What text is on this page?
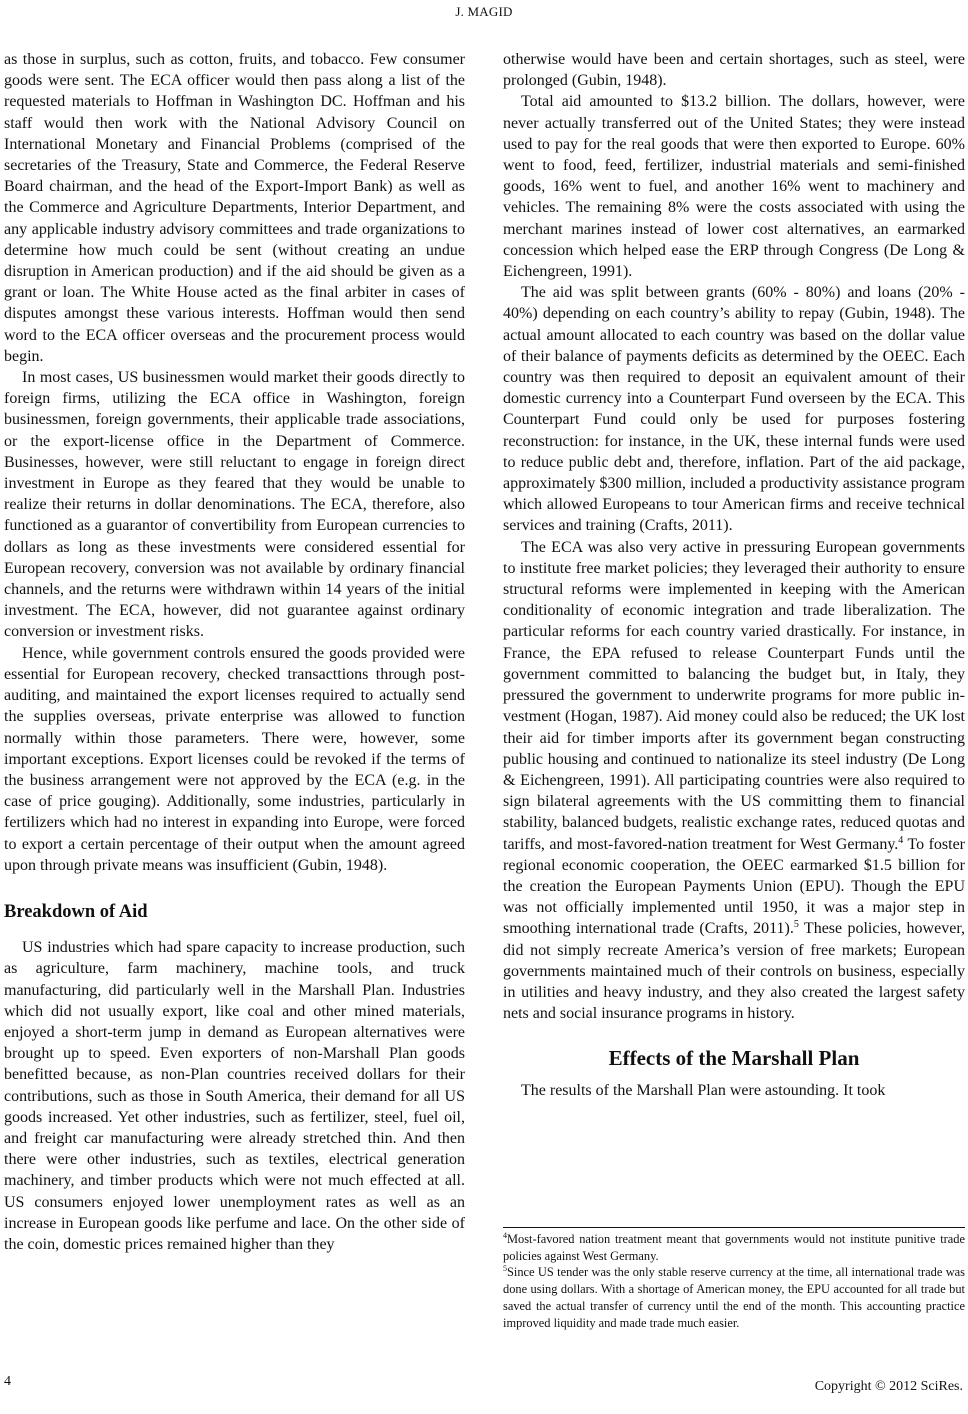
J. MAGID

as those in surplus, such as cotton, fruits, and tobacco. Few consumer goods were sent. The ECA officer would then pass along a list of the requested materials to Hoffman in Washington DC. Hoffman and his staff would then work with the National Advisory Council on International Monetary and Financial Problems (comprised of the secretaries of the Treasury, State and Commerce, the Federal Reserve Board chairman, and the head of the Export-Import Bank) as well as the Commerce and Agriculture Departments, Interior Department, and any applicable industry advisory committees and trade organizations to determine how much could be sent (without creating an undue disruption in American production) and if the aid should be given as a grant or loan. The White House acted as the final arbiter in cases of disputes amongst these various interests. Hoffman would then send word to the ECA officer overseas and the procurement process would begin.

In most cases, US businessmen would market their goods directly to foreign firms, utilizing the ECA office in Washington, foreign businessmen, foreign governments, their applicable trade associations, or the export-license office in the Department of Commerce. Businesses, however, were still reluctant to engage in foreign direct investment in Europe as they feared that they would be unable to realize their returns in dollar denominations. The ECA, therefore, also functioned as a guarantor of convertibility from European currencies to dollars as long as these investments were considered essential for European recovery, conversion was not available by ordinary financial channels, and the returns were withdrawn within 14 years of the initial investment. The ECA, however, did not guarantee against ordinary conversion or investment risks.

Hence, while government controls ensured the goods provided were essential for European recovery, checked transacttions through post-auditing, and maintained the export licenses required to actually send the supplies overseas, private enterprise was allowed to function normally within those parameters. There were, however, some important exceptions. Export licenses could be revoked if the terms of the business arrangement were not approved by the ECA (e.g. in the case of price gouging). Additionally, some industries, particularly in fertilizers which had no interest in expanding into Europe, were forced to export a certain percentage of their output when the amount agreed upon through private means was insufficient (Gubin, 1948).

Breakdown of Aid

US industries which had spare capacity to increase production, such as agriculture, farm machinery, machine tools, and truck manufacturing, did particularly well in the Marshall Plan. Industries which did not usually export, like coal and other mined materials, enjoyed a short-term jump in demand as European alternatives were brought up to speed. Even exporters of non-Marshall Plan goods benefitted because, as non-Plan countries received dollars for their contributions, such as those in South America, their demand for all US goods increased. Yet other industries, such as fertilizer, steel, fuel oil, and freight car manufacturing were already stretched thin. And then there were other industries, such as textiles, electrical generation machinery, and timber products which were not much effected at all. US consumers enjoyed lower unemployment rates as well as an increase in European goods like perfume and lace. On the other side of the coin, domestic prices remained higher than they

otherwise would have been and certain shortages, such as steel, were prolonged (Gubin, 1948).

Total aid amounted to $13.2 billion. The dollars, however, were never actually transferred out of the United States; they were instead used to pay for the real goods that were then exported to Europe. 60% went to food, feed, fertilizer, industrial materials and semi-finished goods, 16% went to fuel, and another 16% went to machinery and vehicles. The remaining 8% were the costs associated with using the merchant marines instead of lower cost alternatives, an earmarked concession which helped ease the ERP through Congress (De Long & Eichengreen, 1991).

The aid was split between grants (60% - 80%) and loans (20% - 40%) depending on each country’s ability to repay (Gubin, 1948). The actual amount allocated to each country was based on the dollar value of their balance of payments deficits as determined by the OEEC. Each country was then required to deposit an equivalent amount of their domestic currency into a Counterpart Fund overseen by the ECA. This Counterpart Fund could only be used for purposes fostering reconstruction: for instance, in the UK, these internal funds were used to reduce public debt and, therefore, inflation. Part of the aid package, approximately $300 million, included a productivity assistance program which allowed Europeans to tour American firms and receive technical services and training (Crafts, 2011).

The ECA was also very active in pressuring European governments to institute free market policies; they leveraged their authority to ensure structural reforms were implemented in keeping with the American conditionality of economic integration and trade liberalization. The particular reforms for each country varied drastically. For instance, in France, the EPA refused to release Counterpart Funds until the government committed to balancing the budget but, in Italy, they pressured the government to underwrite programs for more public investment (Hogan, 1987). Aid money could also be reduced; the UK lost their aid for timber imports after its government began constructing public housing and continued to nationalize its steel industry (De Long & Eichengreen, 1991). All participating countries were also required to sign bilateral agreements with the US committing them to financial stability, balanced budgets, realistic exchange rates, reduced quotas and tariffs, and most-favored-nation treatment for West Germany.$^4$ To foster regional economic cooperation, the OEEC earmarked $1.5 billion for the creation the European Payments Union (EPU). Though the EPU was not officially implemented until 1950, it was a major step in smoothing international trade (Crafts, 2011).$^5$ These policies, however, did not simply recreate America’s version of free markets; European governments maintained much of their controls on business, especially in utilities and heavy industry, and they also created the largest safety nets and social insurance programs in history.

Effects of the Marshall Plan

The results of the Marshall Plan were astounding. It took

$^4$Most-favored nation treatment meant that governments would not institute punitive trade policies against West Germany.

$^5$Since US tender was the only stable reserve currency at the time, all international trade was done using dollars. With a shortage of American money, the EPU accounted for all trade but saved the actual transfer of currency until the end of the month. This accounting practice improved liquidity and made trade much easier.

4	Copyright © 2012 SciRes.
